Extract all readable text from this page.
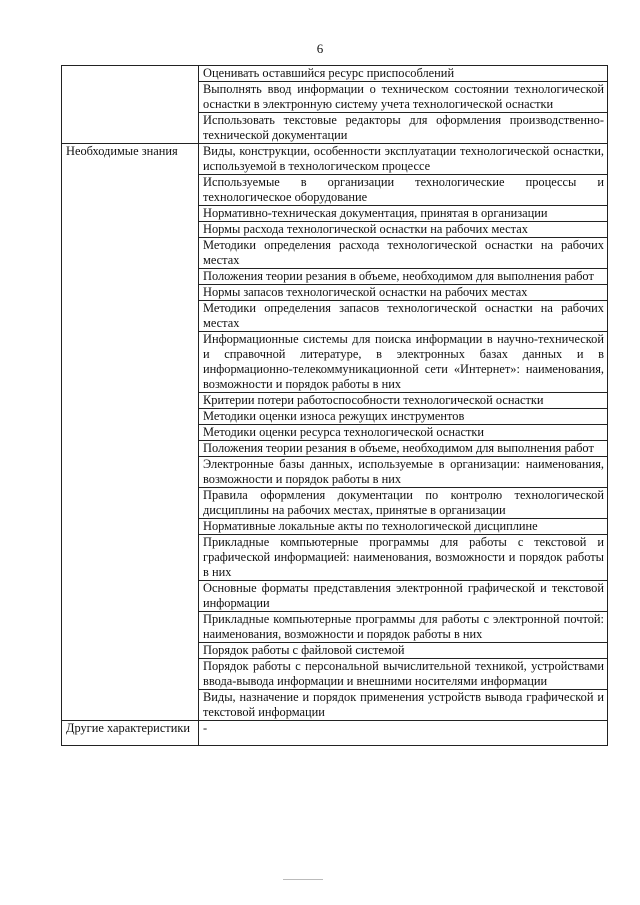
6
	Оценивать оставшийся ресурс приспособлений
	Выполнять ввод информации о техническом состоянии технологической оснастки в электронную систему учета технологической оснастки
	Использовать текстовые редакторы для оформления производственно-технической документации
Необходимые знания	Виды, конструкции, особенности эксплуатации технологической оснастки, используемой в технологическом процессе
	Используемые в организации технологические процессы и технологическое оборудование
	Нормативно-техническая документация, принятая в организации
	Нормы расхода технологической оснастки на рабочих местах
	Методики определения расхода технологической оснастки на рабочих местах
	Положения теории резания в объеме, необходимом для выполнения работ
	Нормы запасов технологической оснастки на рабочих местах
	Методики определения запасов технологической оснастки на рабочих местах
	Информационные системы для поиска информации в научно-технической и справочной литературе, в электронных базах данных и в информационно-телекоммуникационной сети «Интернет»: наименования, возможности и порядок работы в них
	Критерии потери работоспособности технологической оснастки
	Методики оценки износа режущих инструментов
	Методики оценки ресурса технологической оснастки
	Положения теории резания в объеме, необходимом для выполнения работ
	Электронные базы данных, используемые в организации: наименования, возможности и порядок работы в них
	Правила оформления документации по контролю технологической дисциплины на рабочих местах, принятые в организации
	Нормативные локальные акты по технологической дисциплине
	Прикладные компьютерные программы для работы с текстовой и графической информацией: наименования, возможности и порядок работы в них
	Основные форматы представления электронной графической и текстовой информации
	Прикладные компьютерные программы для работы с электронной почтой: наименования, возможности и порядок работы в них
	Порядок работы с файловой системой
	Порядок работы с персональной вычислительной техникой, устройствами ввода-вывода информации и внешними носителями информации
	Виды, назначение и порядок применения устройств вывода графической и текстовой информации
Другие характеристики	-
